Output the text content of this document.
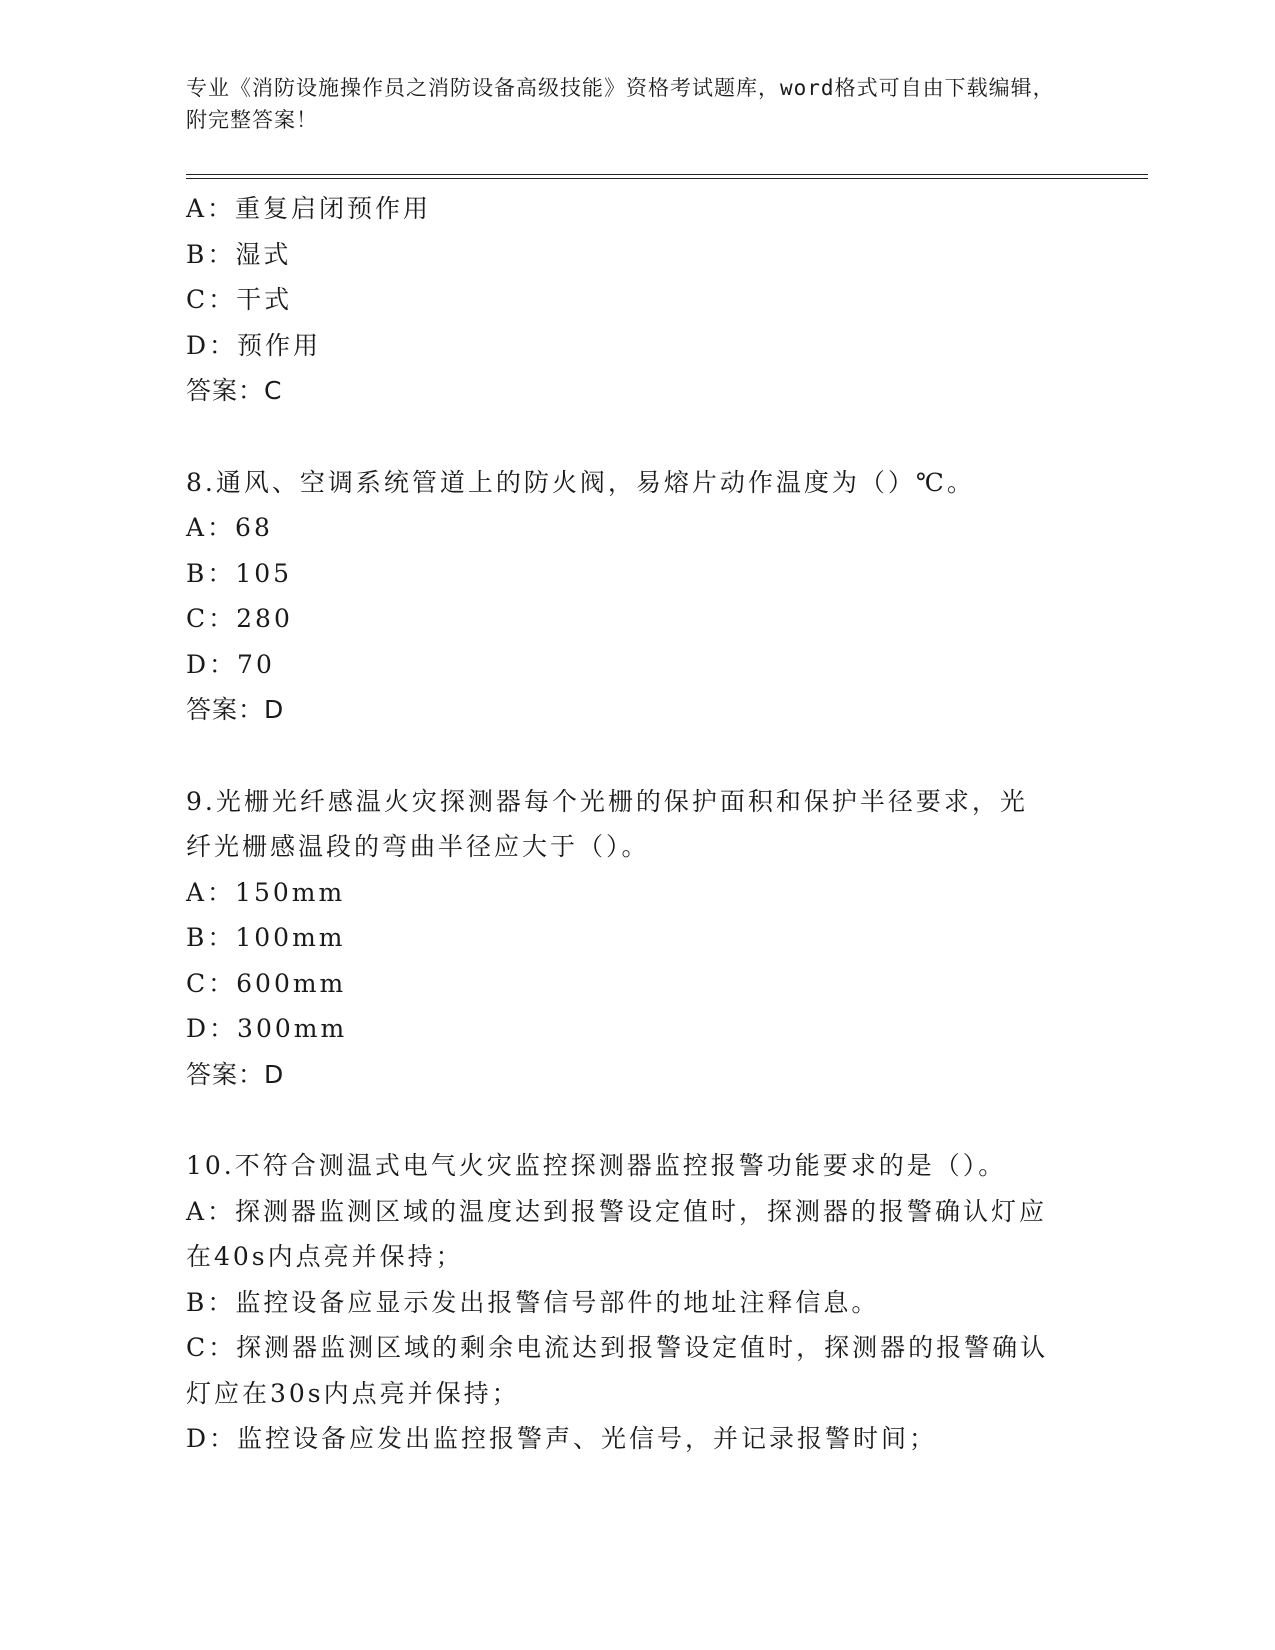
专业《消防设施操作员之消防设备高级技能》资格考试题库，word格式可自由下载编辑，附完整答案！
A：重复启闭预作用
B：湿式
C：干式
D：预作用
答案：C
8.通风、空调系统管道上的防火阀，易熔片动作温度为（）℃。
A：68
B：105
C：280
D：70
答案：D
9.光栅光纤感温火灾探测器每个光栅的保护面积和保护半径要求，光
纤光栅感温段的弯曲半径应大于（）。
A：150mm
B：100mm
C：600mm
D：300mm
答案：D
10.不符合测温式电气火灾监控探测器监控报警功能要求的是（）。
A：探测器监测区域的温度达到报警设定值时，探测器的报警确认灯应
在40s内点亮并保持；
B：监控设备应显示发出报警信号部件的地址注释信息。
C：探测器监测区域的剩余电流达到报警设定值时，探测器的报警确认
灯应在30s内点亮并保持；
D：监控设备应发出监控报警声、光信号，并记录报警时间；
